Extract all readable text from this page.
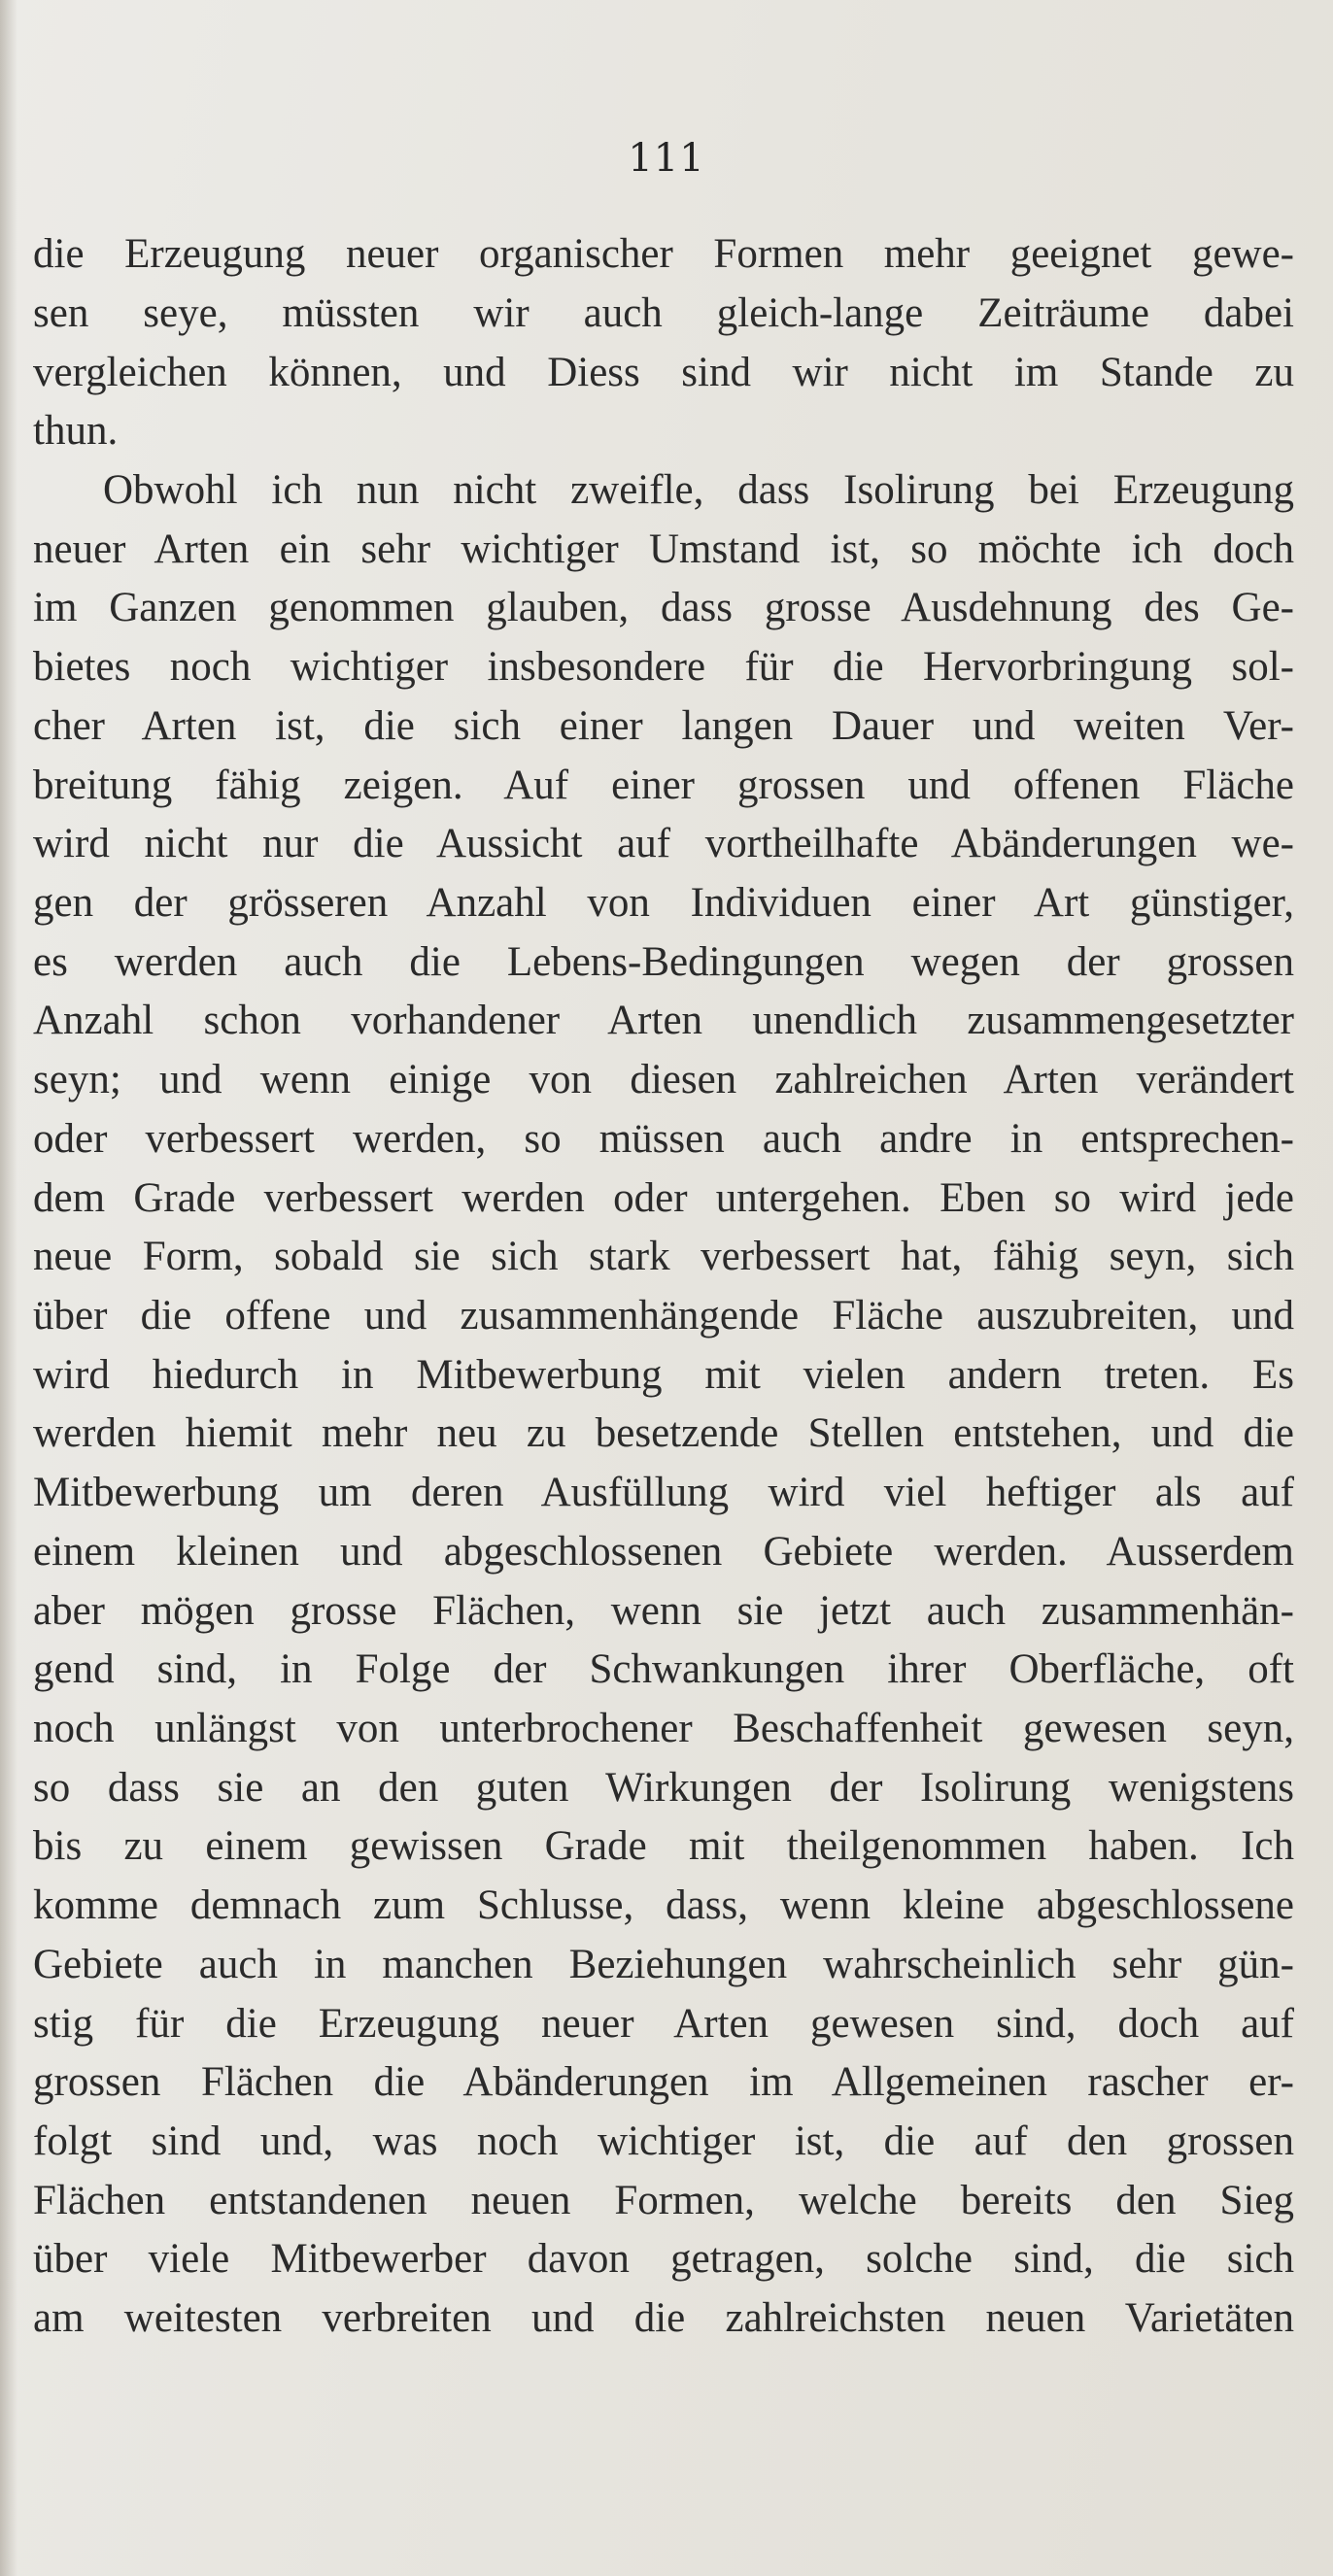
111
die Erzeugung neuer organischer Formen mehr geeignet gewe-
sen seye, müssten wir auch gleich-lange Zeiträume dabei
vergleichen können, und Diess sind wir nicht im Stande zu
thun.
Obwohl ich nun nicht zweifle, dass Isolirung bei Erzeugung
neuer Arten ein sehr wichtiger Umstand ist, so möchte ich doch
im Ganzen genommen glauben, dass grosse Ausdehnung des Ge-
bietes noch wichtiger insbesondere für die Hervorbringung sol-
cher Arten ist, die sich einer langen Dauer und weiten Ver-
breitung fähig zeigen. Auf einer grossen und offenen Fläche
wird nicht nur die Aussicht auf vortheilhafte Abänderungen we-
gen der grösseren Anzahl von Individuen einer Art günstiger,
es werden auch die Lebens-Bedingungen wegen der grossen
Anzahl schon vorhandener Arten unendlich zusammengesetzter
seyn; und wenn einige von diesen zahlreichen Arten verändert
oder verbessert werden, so müssen auch andre in entsprechen-
dem Grade verbessert werden oder untergehen. Eben so wird jede
neue Form, sobald sie sich stark verbessert hat, fähig seyn, sich
über die offene und zusammenhängende Fläche auszubreiten, und
wird hiedurch in Mitbewerbung mit vielen andern treten. Es
werden hiemit mehr neu zu besetzende Stellen entstehen, und die
Mitbewerbung um deren Ausfüllung wird viel heftiger als auf
einem kleinen und abgeschlossenen Gebiete werden. Ausserdem
aber mögen grosse Flächen, wenn sie jetzt auch zusammenhän-
gend sind, in Folge der Schwankungen ihrer Oberfläche, oft
noch unlängst von unterbrochener Beschaffenheit gewesen seyn,
so dass sie an den guten Wirkungen der Isolirung wenigstens
bis zu einem gewissen Grade mit theilgenommen haben. Ich
komme demnach zum Schlusse, dass, wenn kleine abgeschlossene
Gebiete auch in manchen Beziehungen wahrscheinlich sehr gün-
stig für die Erzeugung neuer Arten gewesen sind, doch auf
grossen Flächen die Abänderungen im Allgemeinen rascher er-
folgt sind und, was noch wichtiger ist, die auf den grossen
Flächen entstandenen neuen Formen, welche bereits den Sieg
über viele Mitbewerber davon getragen, solche sind, die sich
am weitesten verbreiten und die zahlreichsten neuen Varietäten
